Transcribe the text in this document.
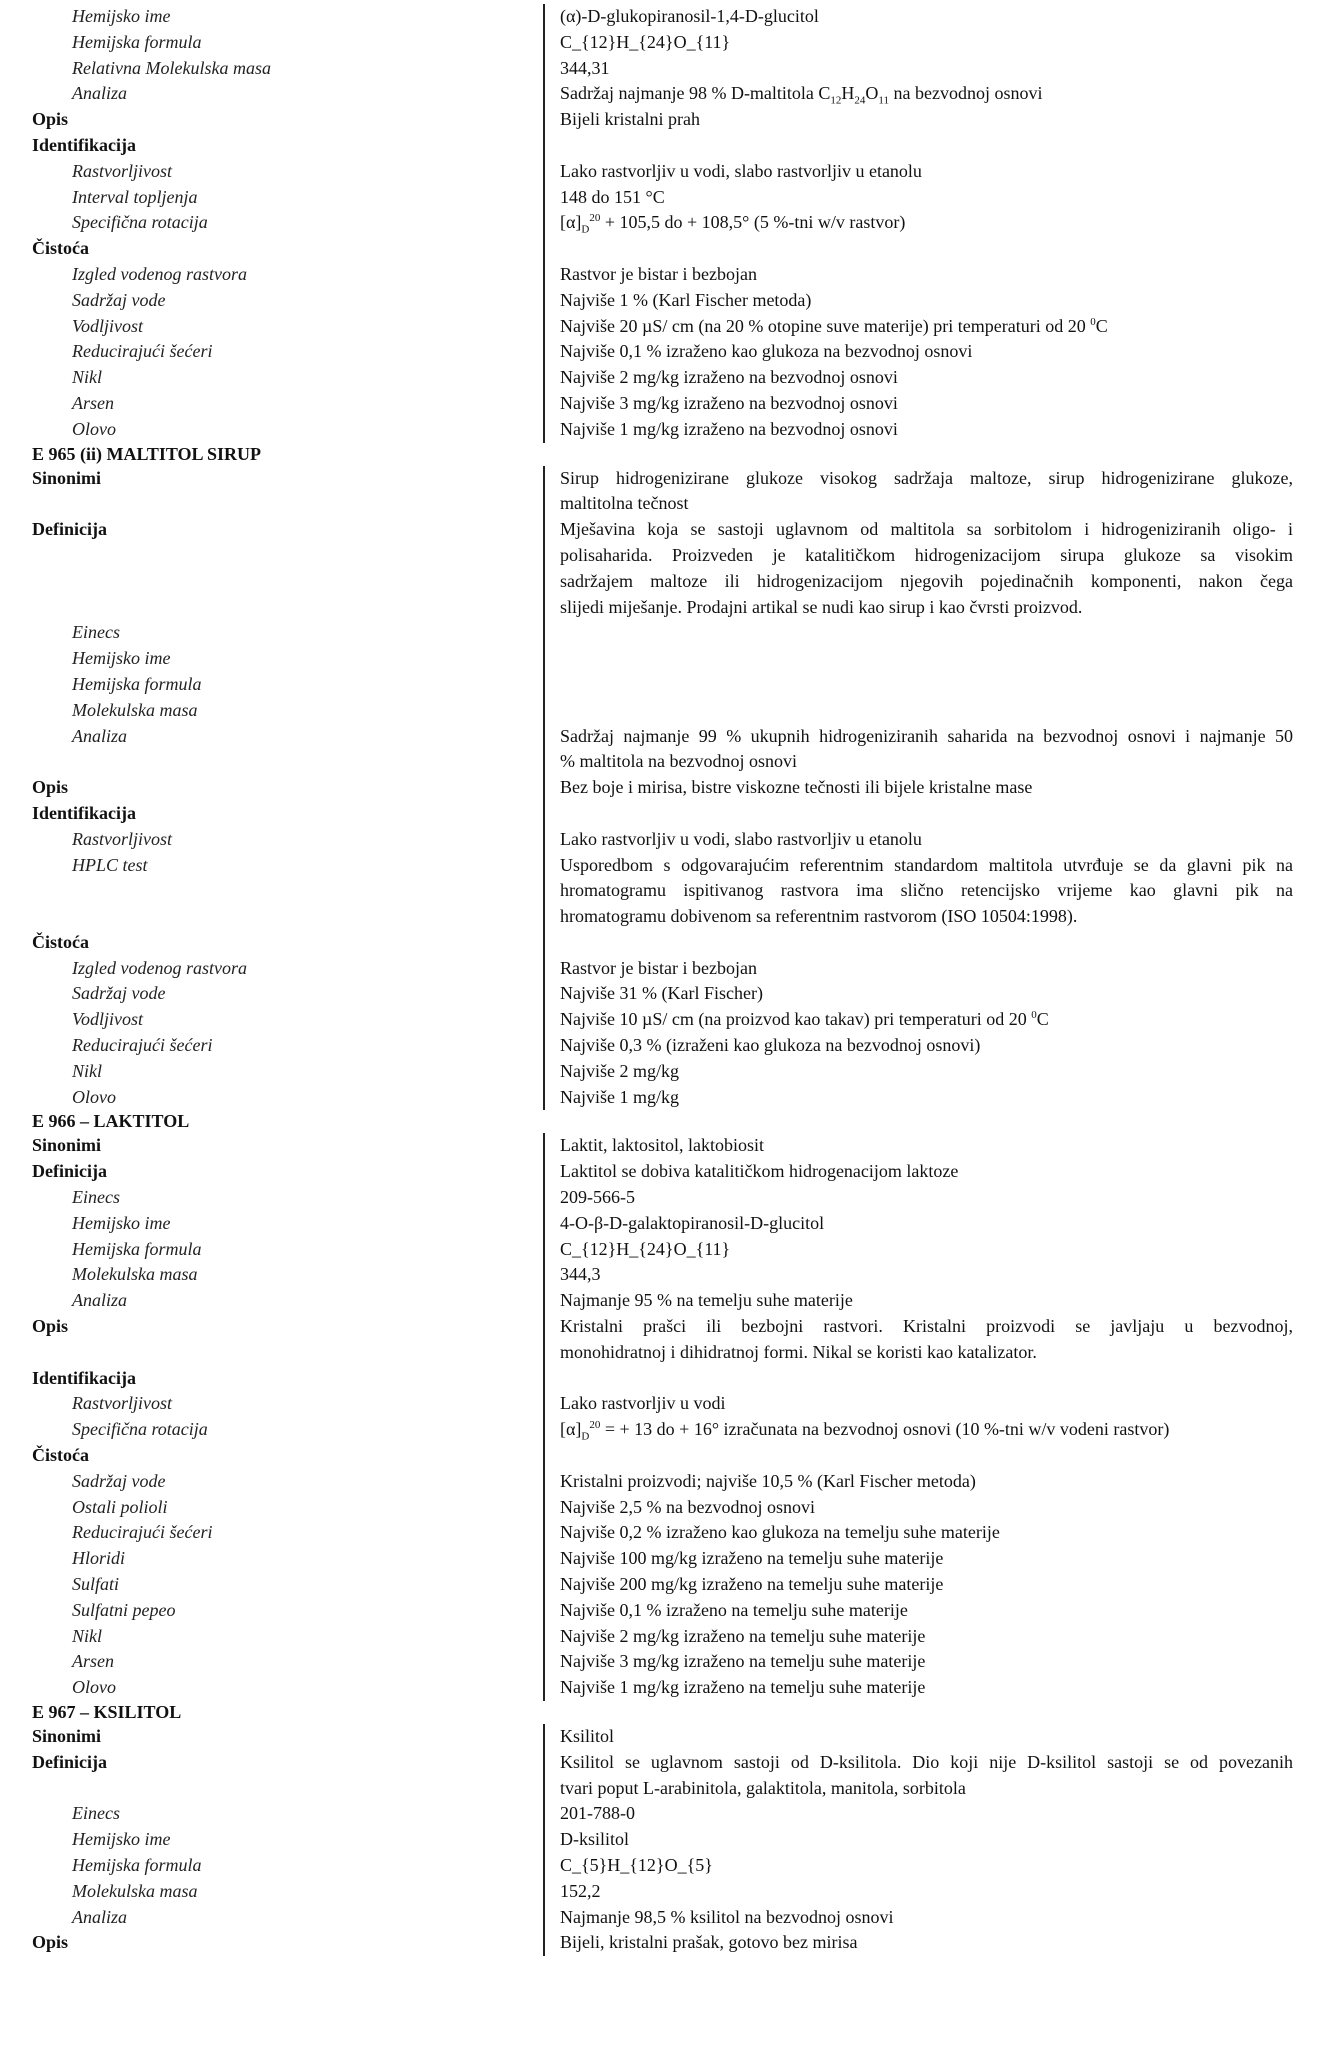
Hemijsko ime	(α)-D-glukopiranosil-1,4-D-glucitol
Hemijska formula	C_{12}H_{24}O_{11}
Relativna Molekulska masa	344,31
Analiza	Sadržaj najmanje 98 % D-maltitola $C_{12}H_{24}O_{11}$ na bezvodnoj osnovi
Opis	Bijeli kristalni prah
Identifikacija
Rastvorljivost	Lako rastvorljiv u vodi, slabo rastvorljiv u etanolu
Interval topljenja	148 do 151 °C
Specifična rotacija	$[\alpha]_D^{20} + 105,5$ do + 108,5° (5 %-tni w/v rastvor)
Čistoća
Izgled vodenog rastvora	Rastvor je bistar i bezbojan
Sadržaj vode	Najviše 1 % (Karl Fischer metoda)
Vodljivost	Najviše 20 µS/ cm (na 20 % otopine suve materije) pri temperaturi od 20 $^0$C
Reducirajući šećeri	Najviše 0,1 % izraženo kao glukoza na bezvodnoj osnovi
Nikl	Najviše 2 mg/kg izraženo na bezvodnoj osnovi
Arsen	Najviše 3 mg/kg izraženo na bezvodnoj osnovi
Olovo	Najviše 1 mg/kg izraženo na bezvodnoj osnovi
E 965 (ii) MALTITOL SIRUP
Sinonimi	Sirup hidrogenizirane glukoze visokog sadržaja maltoze, sirup hidrogenizirane glukoze,
maltitolna tečnost
Definicija	Mješavina koja se sastoji uglavnom od maltitola sa sorbitolom i hidrogeniziranih oligo- i
polisaharida. Proizveden je katalitičkom hidrogenizacijom sirupa glukoze sa visokim
sadržajem maltoze ili hidrogenizacijom njegovih pojedinačnih komponenti, nakon čega
slijedi miješanje. Prodajni artikal se nudi kao sirup i kao čvrsti proizvod.
Einecs
Hemijsko ime
Hemijska formula
Molekulska masa
Analiza	Sadržaj najmanje 99 % ukupnih hidrogeniziranih saharida na bezvodnoj osnovi i najmanje 50
% maltitola na bezvodnoj osnovi
Opis	Bez boje i mirisa, bistre viskozne tečnosti ili bijele kristalne mase
Identifikacija
Rastvorljivost	Lako rastvorljiv u vodi, slabo rastvorljiv u etanolu
HPLC test	Usporedbom s odgovarajućim referentnim standardom maltitola utvrđuje se da glavni pik na
hromatogramu ispitivanog rastvora ima slično retencijsko vrijeme kao glavni pik na
hromatogramu dobivenom sa referentnim rastvorom (ISO 10504:1998).
Čistoća
Izgled vodenog rastvora	Rastvor je bistar i bezbojan
Sadržaj vode	Najviše 31 % (Karl Fischer)
Vodljivost	Najviše 10 µS/ cm (na proizvod kao takav) pri temperaturi od 20 $^0$C
Reducirajući šećeri	Najviše 0,3 % (izraženi kao glukoza na bezvodnoj osnovi)
Nikl	Najviše 2 mg/kg
Olovo	Najviše 1 mg/kg
E 966 – LAKTITOL
Sinonimi	Laktit, laktositol, laktobiosit
Definicija	Laktitol se dobiva katalitičkom hidrogenacijom laktoze
Einecs	209-566-5
Hemijsko ime	4-O-β-D-galaktopiranosil-D-glucitol
Hemijska formula	C_{12}H_{24}O_{11}
Molekulska masa	344,3
Analiza	Najmanje 95 % na temelju suhe materije
Opis	Kristalni prašci ili bezbojni rastvori. Kristalni proizvodi se javljaju u bezvodnoj,
monohidratnoj i dihidratnoj formi. Nikal se koristi kao katalizator.
Identifikacija
Rastvorljivost	Lako rastvorljiv u vodi
Specifična rotacija	$[\alpha]_D^{20}$ = + 13 do + 16° izračunata na bezvodnoj osnovi (10 %-tni w/v vodeni rastvor)
Čistoća
Sadržaj vode	Kristalni proizvodi; najviše 10,5 % (Karl Fischer metoda)
Ostali polioli	Najviše 2,5 % na bezvodnoj osnovi
Reducirajući šećeri	Najviše 0,2 % izraženo kao glukoza na temelju suhe materije
Hloridi	Najviše 100 mg/kg izraženo na temelju suhe materije
Sulfati	Najviše 200 mg/kg izraženo na temelju suhe materije
Sulfatni pepeo	Najviše 0,1 % izraženo na temelju suhe materije
Nikl	Najviše 2 mg/kg izraženo na temelju suhe materije
Arsen	Najviše 3 mg/kg izraženo na temelju suhe materije
Olovo	Najviše 1 mg/kg izraženo na temelju suhe materije
E 967 – KSILITOL
Sinonimi	Ksilitol
Definicija	Ksilitol se uglavnom sastoji od D-ksilitola. Dio koji nije D-ksilitol sastoji se od povezanih
tvari poput L-arabinitola, galaktitola, manitola, sorbitola
Einecs	201-788-0
Hemijsko ime	D-ksilitol
Hemijska formula	C_{5}H_{12}O_{5}
Molekulska masa	152,2
Analiza	Najmanje 98,5 % ksilitol na bezvodnoj osnovi
Opis	Bijeli, kristalni prašak, gotovo bez mirisa
